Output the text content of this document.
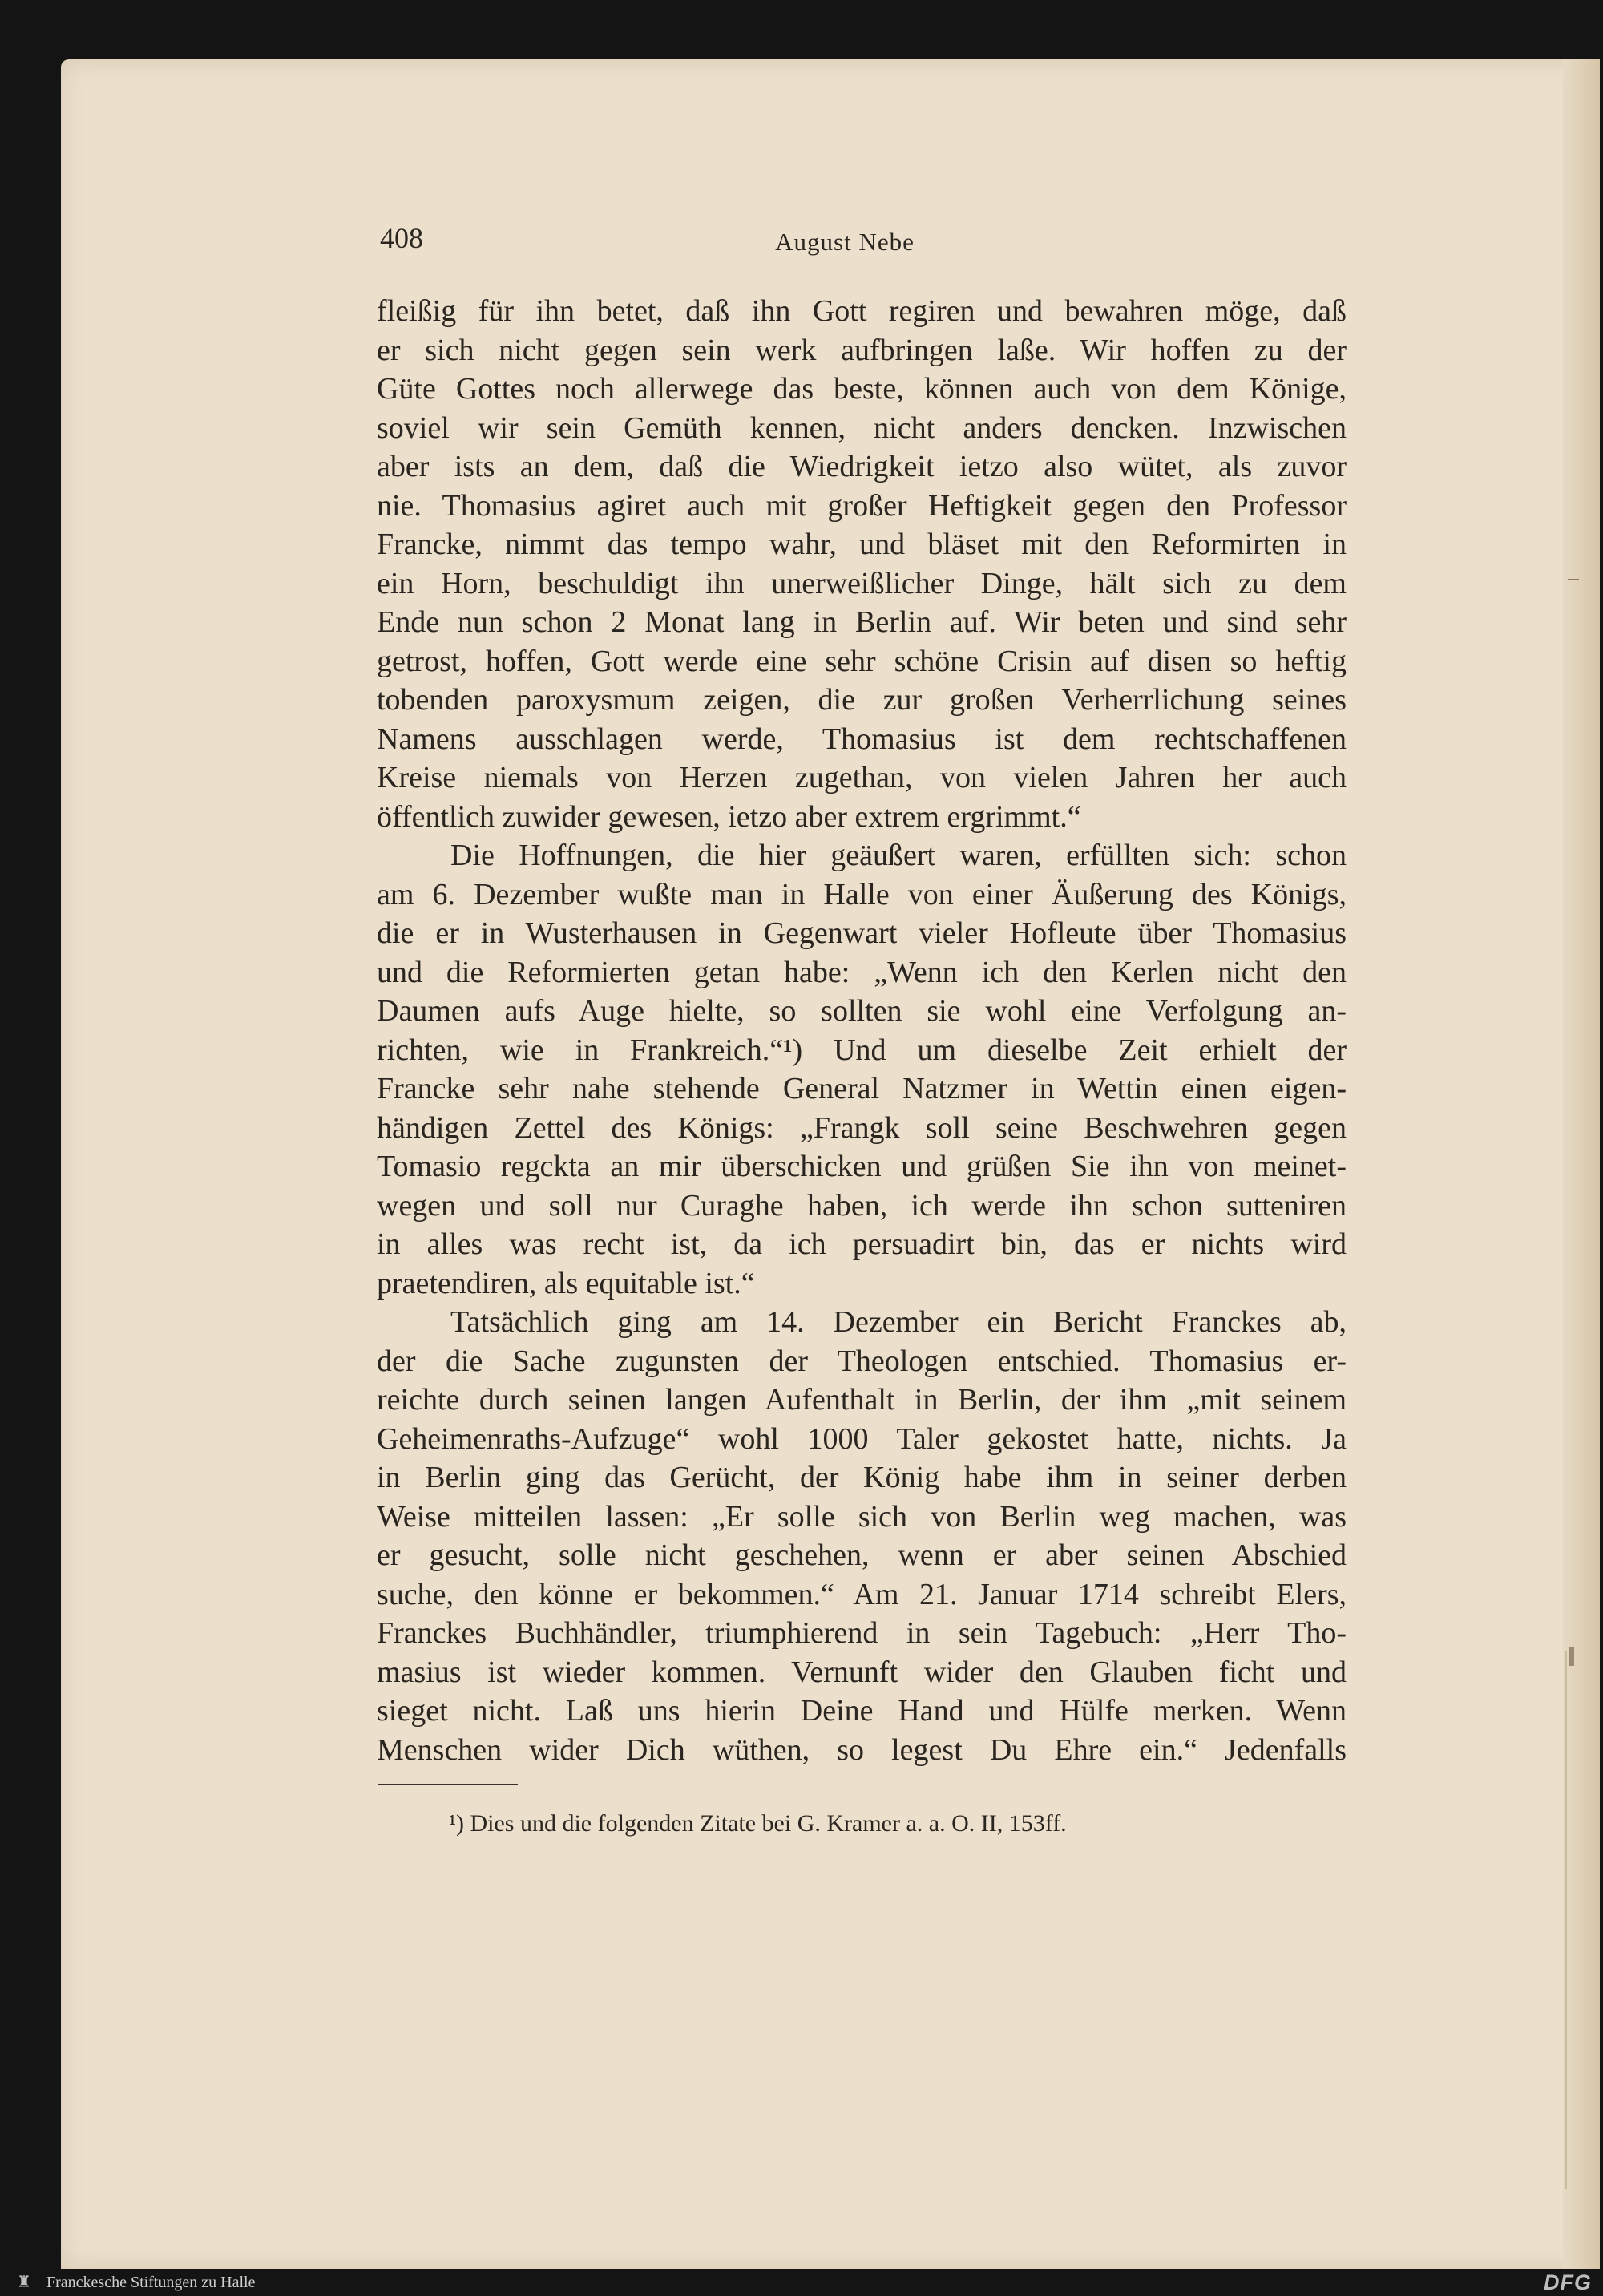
408	August Nebe
fleißig für ihn betet, daß ihn Gott regiren und bewahren möge, daß
er sich nicht gegen sein werk aufbringen laße. Wir hoffen zu der
Güte Gottes noch allerwege das beste, können auch von dem Könige,
soviel wir sein Gemüth kennen, nicht anders dencken. Inzwischen
aber ists an dem, daß die Wiedrigkeit ietzo also wütet, als zuvor
nie. Thomasius agiret auch mit großer Heftigkeit gegen den Professor
Francke, nimmt das tempo wahr, und bläset mit den Reformirten in
ein Horn, beschuldigt ihn unerweißlicher Dinge, hält sich zu dem
Ende nun schon 2 Monat lang in Berlin auf. Wir beten und sind sehr
getrost, hoffen, Gott werde eine sehr schöne Crisin auf disen so heftig
tobenden paroxysmum zeigen, die zur großen Verherrlichung seines
Namens ausschlagen werde, Thomasius ist dem rechtschaffenen
Kreise niemals von Herzen zugethan, von vielen Jahren her auch
öffentlich zuwider gewesen, ietzo aber extrem ergrimmt.“
Die Hoffnungen, die hier geäußert waren, erfüllten sich: schon
am 6. Dezember wußte man in Halle von einer Äußerung des Königs,
die er in Wusterhausen in Gegenwart vieler Hofleute über Thomasius
und die Reformierten getan habe: „Wenn ich den Kerlen nicht den
Daumen aufs Auge hielte, so sollten sie wohl eine Verfolgung an-
richten, wie in Frankreich.“¹) Und um dieselbe Zeit erhielt der
Francke sehr nahe stehende General Natzmer in Wettin einen eigen-
händigen Zettel des Königs: „Frangk soll seine Beschwehren gegen
Tomasio regckta an mir überschicken und grüßen Sie ihn von meinet-
wegen und soll nur Curaghe haben, ich werde ihn schon sutteniren
in alles was recht ist, da ich persuadirt bin, das er nichts wird
praetendiren, als equitable ist.“
Tatsächlich ging am 14. Dezember ein Bericht Franckes ab,
der die Sache zugunsten der Theologen entschied. Thomasius er-
reichte durch seinen langen Aufenthalt in Berlin, der ihm „mit seinem
Geheimenraths-Aufzuge“ wohl 1000 Taler gekostet hatte, nichts. Ja
in Berlin ging das Gerücht, der König habe ihm in seiner derben
Weise mitteilen lassen: „Er solle sich von Berlin weg machen, was
er gesucht, solle nicht geschehen, wenn er aber seinen Abschied
suche, den könne er bekommen.“ Am 21. Januar 1714 schreibt Elers,
Franckes Buchhändler, triumphierend in sein Tagebuch: „Herr Tho-
masius ist wieder kommen. Vernunft wider den Glauben ficht und
sieget nicht. Laß uns hierin Deine Hand und Hülfe merken. Wenn
Menschen wider Dich wüthen, so legest Du Ehre ein.“ Jedenfalls
¹) Dies und die folgenden Zitate bei G. Kramer a. a. O. II, 153ff.
♜ Franckesche Stiftungen zu Halle	DFG
